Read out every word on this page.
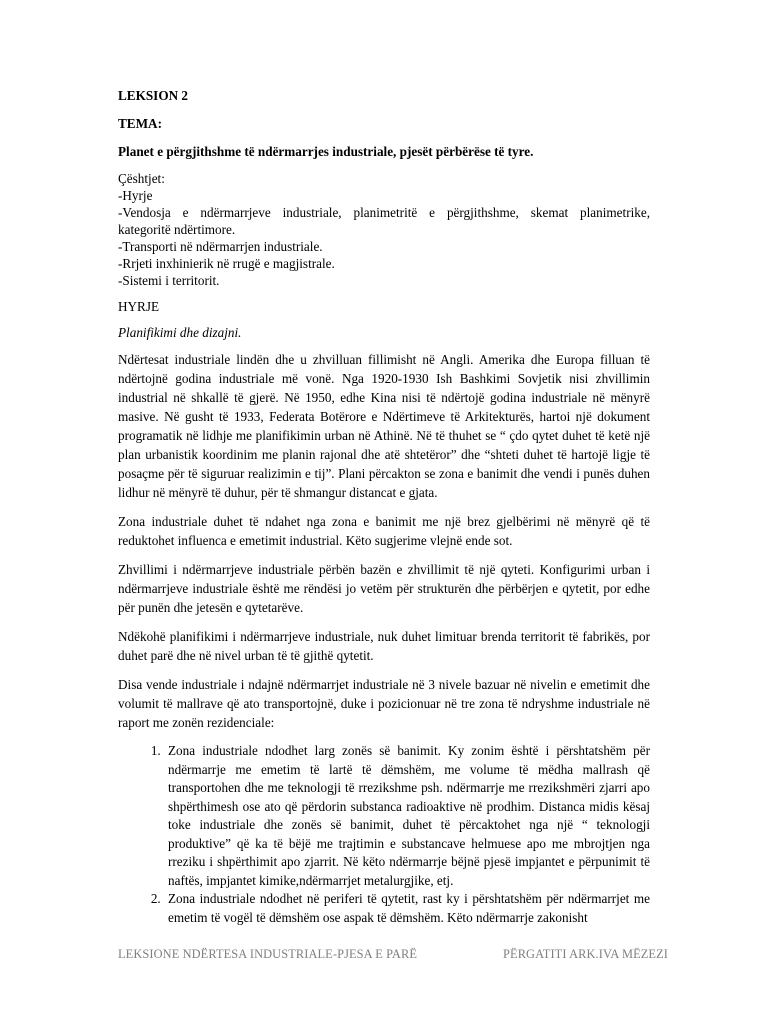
LEKSION 2
TEMA:
Planet e përgjithshme të ndërmarrjes industriale, pjesët përbërëse të tyre.
Çështjet:
-Hyrje
-Vendosja e ndërmarrjeve industriale, planimetritë e përgjithshme, skemat planimetrike,
kategoritë ndërtimore.
-Transporti në ndërmarrjen industriale.
-Rrjeti inxhinierik në rrugë e magjistrale.
-Sistemi i territorit.
HYRJE
Planifikimi dhe dizajni.

Ndërtesat industriale lindën dhe u zhvilluan fillimisht në Angli. Amerika dhe Europa filluan të ndërtojnë godina industriale më vonë. Nga 1920-1930 Ish Bashkimi Sovjetik nisi zhvillimin industrial në shkallë të gjerë. Në 1950, edhe Kina nisi të ndërtojë godina industriale në mënyrë masive. Në gusht të 1933, Federata Botërore e Ndërtimeve të Arkitekturës, hartoi një dokument programatik në lidhje me planifikimin urban në Athinë. Në të thuhet se “ çdo qytet duhet të ketë një plan urbanistik koordinim me planin rajonal dhe atë shtetëror” dhe “shteti duhet të hartojë ligje të posaçme për të siguruar realizimin e tij”. Plani përcakton se zona e banimit dhe vendi i punës duhen lidhur në mënyrë të duhur, për të shmangur distancat e gjata.

Zona industriale duhet të ndahet nga zona e banimit me një brez gjelbërimi në mënyrë që të reduktohet influenca e emetimit industrial. Këto sugjerime vlejnë ende sot.

Zhvillimi i ndërmarrjeve industriale përbën bazën e zhvillimit të një qyteti. Konfigurimi urban i ndërmarrjeve industriale është me rëndësi jo vetëm për strukturën dhe përbërjen e qytetit, por edhe për punën dhe jetesën e qytetarëve.

Ndëkohë planifikimi i ndërmarrjeve industriale, nuk duhet limituar brenda territorit të fabrikës, por duhet parë dhe në nivel urban të të gjithë qytetit.

Disa vende industriale i ndajnë ndërmarrjet industriale në 3 nivele bazuar në nivelin e emetimit dhe volumit të mallrave që ato transportojnë, duke i pozicionuar në tre zona të ndryshme industriale në raport me zonën rezidenciale:

1. Zona industriale ndodhet larg zonës së banimit. Ky zonim është i përshtatshëm për ndërmarrje me emetim të lartë të dëmshëm, me volume të mëdha mallrash që transportohen dhe me teknologji të rrezikshme psh. ndërmarrje me rrezikshmëri zjarri apo shpërthimesh ose ato që përdorin substanca radioaktive në prodhim. Distanca midis kësaj toke industriale dhe zonës së banimit, duhet të përcaktohet nga një “ teknologji produktive” që ka të bëjë me trajtimin e substancave helmuese apo me mbrojtjen nga rreziku i shpërthimit apo zjarrit. Në këto ndërmarrje bëjnë pjesë impjantet e përpunimit të naftës, impjantet kimike,ndërmarrjet metalurgjike, etj.
2. Zona industriale ndodhet në periferi të qytetit, rast ky i përshtatshëm për ndërmarrjet me emetim të vogël të dëmshëm ose aspak të dëmshëm. Këto ndërmarrje zakonisht
LEKSIONE NDËRTESA INDUSTRIALE-PJESA E PARË	PËRGATITI ARK.IVA MËZEZI
